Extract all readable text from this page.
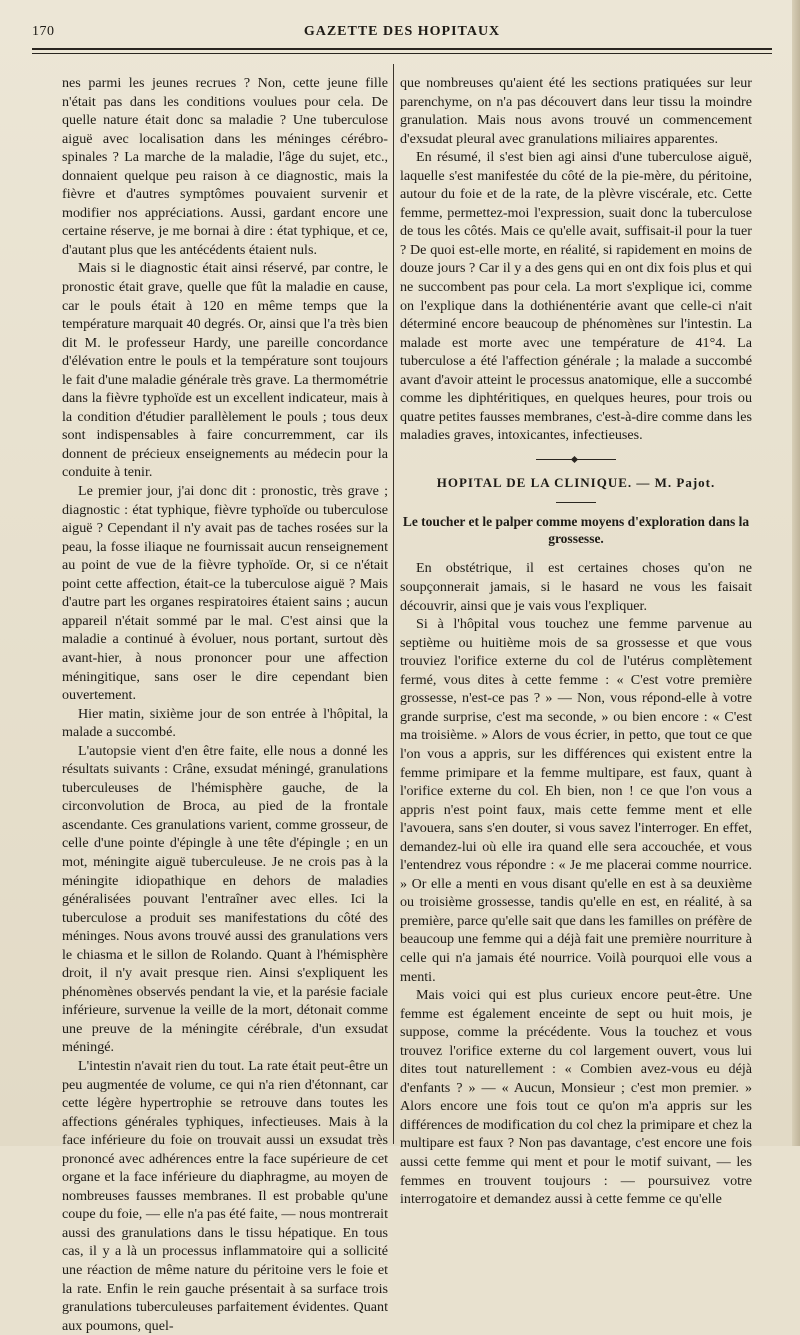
170	GAZETTE DES HOPITAUX

nes parmi les jeunes recrues ? Non, cette jeune fille n'était pas dans les conditions voulues pour cela. De quelle nature était donc sa maladie ? Une tuberculose aiguë avec localisation dans les méninges cérébro-spinales ? La marche de la maladie, l'âge du sujet, etc., donnaient quelque peu raison à ce diagnostic, mais la fièvre et d'autres symptômes pouvaient survenir et modifier nos appréciations. Aussi, gardant encore une certaine réserve, je me bornai à dire : état typhique, et ce, d'autant plus que les antécédents étaient nuls.

Mais si le diagnostic était ainsi réservé, par contre, le pronostic était grave, quelle que fût la maladie en cause, car le pouls était à 120 en même temps que la température marquait 40 degrés. Or, ainsi que l'a très bien dit M. le professeur Hardy, une pareille concordance d'élévation entre le pouls et la température sont toujours le fait d'une maladie générale très grave. La thermométrie dans la fièvre typhoïde est un excellent indicateur, mais à la condition d'étudier parallèlement le pouls ; tous deux sont indispensables à faire concurremment, car ils donnent de précieux enseignements au médecin pour la conduite à tenir.

Le premier jour, j'ai donc dit : pronostic, très grave ; diagnostic : état typhique, fièvre typhoïde ou tuberculose aiguë ? Cependant il n'y avait pas de taches rosées sur la peau, la fosse iliaque ne fournissait aucun renseignement au point de vue de la fièvre typhoïde. Or, si ce n'était point cette affection, était-ce la tuberculose aiguë ? Mais d'autre part les organes respiratoires étaient sains ; aucun appareil n'était sommé par le mal. C'est ainsi que la maladie a continué à évoluer, nous portant, surtout dès avant-hier, à nous prononcer pour une affection méningitique, sans oser le dire cependant bien ouvertement.

Hier matin, sixième jour de son entrée à l'hôpital, la malade a succombé.

L'autopsie vient d'en être faite, elle nous a donné les résultats suivants : Crâne, exsudat méningé, granulations tuberculeuses de l'hémisphère gauche, de la circonvolution de Broca, au pied de la frontale ascendante. Ces granulations varient, comme grosseur, de celle d'une pointe d'épingle à une tête d'épingle ; en un mot, méningite aiguë tuberculeuse. Je ne crois pas à la méningite idiopathique en dehors de maladies généralisées pouvant l'entraîner avec elles. Ici la tuberculose a produit ses manifestations du côté des méninges. Nous avons trouvé aussi des granulations vers le chiasma et le sillon de Rolando. Quant à l'hémisphère droit, il n'y avait presque rien. Ainsi s'expliquent les phénomènes observés pendant la vie, et la parésie faciale inférieure, survenue la veille de la mort, détonait comme une preuve de la méningite cérébrale, d'un exsudat méningé.

L'intestin n'avait rien du tout. La rate était peut-être un peu augmentée de volume, ce qui n'a rien d'étonnant, car cette légère hypertrophie se retrouve dans toutes les affections générales typhiques, infectieuses. Mais à la face inférieure du foie on trouvait aussi un exsudat très prononcé avec adhérences entre la face supérieure de cet organe et la face inférieure du diaphragme, au moyen de nombreuses fausses membranes. Il est probable qu'une coupe du foie, — elle n'a pas été faite, — nous montrerait aussi des granulations dans le tissu hépatique. En tous cas, il y a là un processus inflammatoire qui a sollicité une réaction de même nature du péritoine vers le foie et la rate. Enfin le rein gauche présentait à sa surface trois granulations tuberculeuses parfaitement évidentes. Quant aux poumons, quel-

que nombreuses qu'aient été les sections pratiquées sur leur parenchyme, on n'a pas découvert dans leur tissu la moindre granulation. Mais nous avons trouvé un commencement d'exsudat pleural avec granulations miliaires apparentes.

En résumé, il s'est bien agi ainsi d'une tuberculose aiguë, laquelle s'est manifestée du côté de la pie-mère, du péritoine, autour du foie et de la rate, de la plèvre viscérale, etc. Cette femme, permettez-moi l'expression, suait donc la tuberculose de tous les côtés. Mais ce qu'elle avait, suffisait-il pour la tuer ? De quoi est-elle morte, en réalité, si rapidement en moins de douze jours ? Car il y a des gens qui en ont dix fois plus et qui ne succombent pas pour cela. La mort s'explique ici, comme on l'explique dans la dothiénentérie avant que celle-ci n'ait déterminé encore beaucoup de phénomènes sur l'intestin. La malade est morte avec une température de 41°4. La tuberculose a été l'affection générale ; la malade a succombé avant d'avoir atteint le processus anatomique, elle a succombé comme les diphtéritiques, en quelques heures, pour trois ou quatre petites fausses membranes, c'est-à-dire comme dans les maladies graves, intoxicantes, infectieuses.

HOPITAL DE LA CLINIQUE. — M. Pajot.
Le toucher et le palper comme moyens d'exploration dans la grossesse.

En obstétrique, il est certaines choses qu'on ne soupçonnerait jamais, si le hasard ne vous les faisait découvrir, ainsi que je vais vous l'expliquer.

Si à l'hôpital vous touchez une femme parvenue au septième ou huitième mois de sa grossesse et que vous trouviez l'orifice externe du col de l'utérus complètement fermé, vous dites à cette femme : « C'est votre première grossesse, n'est-ce pas ? » — Non, vous répond-elle à votre grande surprise, c'est ma seconde, » ou bien encore : « C'est ma troisième. » Alors de vous écrier, in petto, que tout ce que l'on vous a appris, sur les différences qui existent entre la femme primipare et la femme multipare, est faux, quant à l'orifice externe du col. Eh bien, non ! ce que l'on vous a appris n'est point faux, mais cette femme ment et elle l'avouera, sans s'en douter, si vous savez l'interroger. En effet, demandez-lui où elle ira quand elle sera accouchée, et vous l'entendrez vous répondre : « Je me placerai comme nourrice. » Or elle a menti en vous disant qu'elle en est à sa deuxième ou troisième grossesse, tandis qu'elle en est, en réalité, à sa première, parce qu'elle sait que dans les familles on préfère de beaucoup une femme qui a déjà fait une première nourriture à celle qui n'a jamais été nourrice. Voilà pourquoi elle vous a menti.

Mais voici qui est plus curieux encore peut-être. Une femme est également enceinte de sept ou huit mois, je suppose, comme la précédente. Vous la touchez et vous trouvez l'orifice externe du col largement ouvert, vous lui dites tout naturellement : « Combien avez-vous eu déjà d'enfants ? » — « Aucun, Monsieur ; c'est mon premier. » Alors encore une fois tout ce qu'on m'a appris sur les différences de modification du col chez la primipare et chez la multipare est faux ? Non pas davantage, c'est encore une fois aussi cette femme qui ment et pour le motif suivant, — les femmes en trouvent toujours : — poursuivez votre interrogatoire et demandez aussi à cette femme ce qu'elle
